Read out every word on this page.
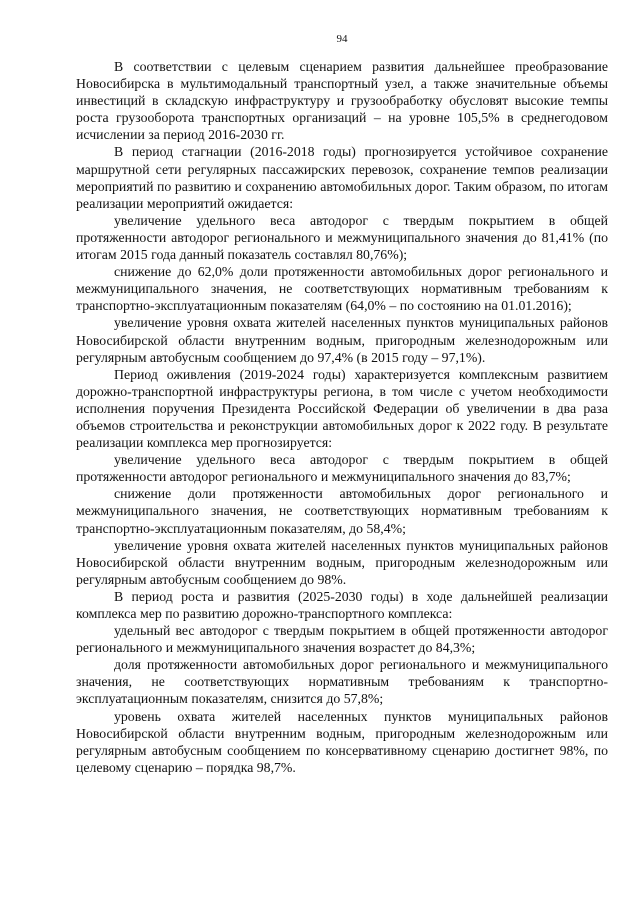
94

В соответствии с целевым сценарием развития дальнейшее преобразование Новосибирска в мультимодальный транспортный узел, а также значительные объемы инвестиций в складскую инфраструктуру и грузообработку обусловят высокие темпы роста грузооборота транспортных организаций – на уровне 105,5% в среднегодовом исчислении за период 2016-2030 гг.

В период стагнации (2016-2018 годы) прогнозируется устойчивое сохранение маршрутной сети регулярных пассажирских перевозок, сохранение темпов реализации мероприятий по развитию и сохранению автомобильных дорог. Таким образом, по итогам реализации мероприятий ожидается:

увеличение удельного веса автодорог с твердым покрытием в общей протяженности автодорог регионального и межмуниципального значения до 81,41% (по итогам 2015 года данный показатель составлял 80,76%);

снижение до 62,0% доли протяженности автомобильных дорог регионального и межмуниципального значения, не соответствующих нормативным требованиям к транспортно-эксплуатационным показателям (64,0% – по состоянию на 01.01.2016);

увеличение уровня охвата жителей населенных пунктов муниципальных районов Новосибирской области внутренним водным, пригородным железнодорожным или регулярным автобусным сообщением до 97,4% (в 2015 году – 97,1%).

Период оживления (2019-2024 годы) характеризуется комплексным развитием дорожно-транспортной инфраструктуры региона, в том числе с учетом необходимости исполнения поручения Президента Российской Федерации об увеличении в два раза объемов строительства и реконструкции автомобильных дорог к 2022 году. В результате реализации комплекса мер прогнозируется:

увеличение удельного веса автодорог с твердым покрытием в общей протяженности автодорог регионального и межмуниципального значения до 83,7%;

снижение доли протяженности автомобильных дорог регионального и межмуниципального значения, не соответствующих нормативным требованиям к транспортно-эксплуатационным показателям, до 58,4%;

увеличение уровня охвата жителей населенных пунктов муниципальных районов Новосибирской области внутренним водным, пригородным железнодорожным или регулярным автобусным сообщением до 98%.

В период роста и развития (2025-2030 годы) в ходе дальнейшей реализации комплекса мер по развитию дорожно-транспортного комплекса:

удельный вес автодорог с твердым покрытием в общей протяженности автодорог регионального и межмуниципального значения возрастет до 84,3%;

доля протяженности автомобильных дорог регионального и межмуниципального значения, не соответствующих нормативным требованиям к транспортно-эксплуатационным показателям, снизится до 57,8%;

уровень охвата жителей населенных пунктов муниципальных районов Новосибирской области внутренним водным, пригородным железнодорожным или регулярным автобусным сообщением по консервативному сценарию достигнет 98%, по целевому сценарию – порядка 98,7%.
